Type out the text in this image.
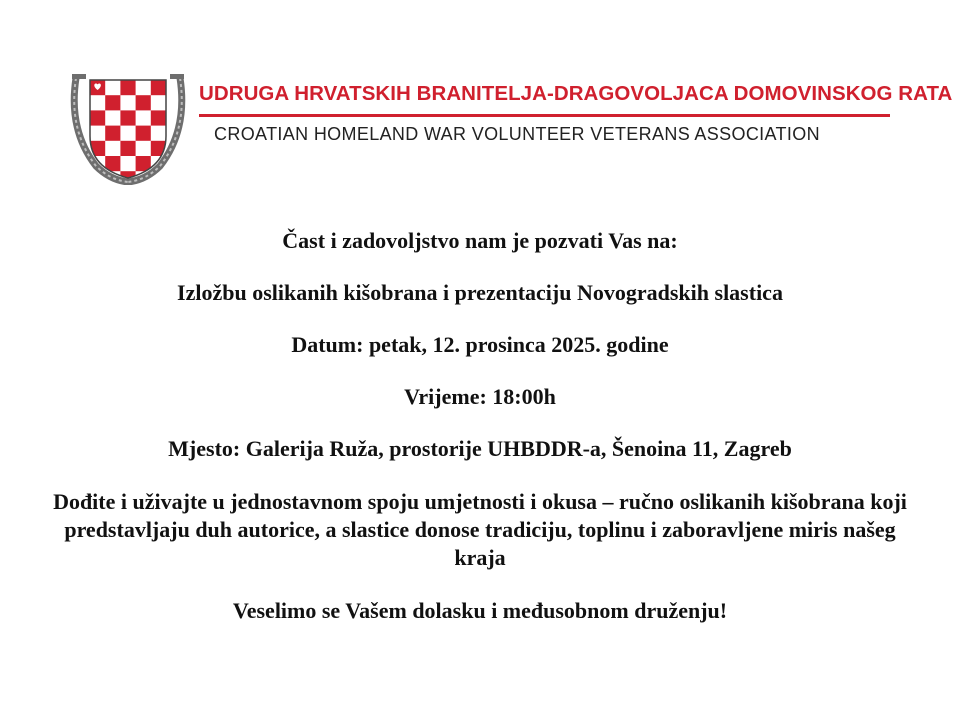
UDRUGA HRVATSKIH BRANITELJA-DRAGOVOLJACA DOMOVINSKOG RATA
CROATIAN HOMELAND WAR VOLUNTEER VETERANS ASSOCIATION

Čast i zadovoljstvo nam je pozvati Vas na:

Izložbu oslikanih kišobrana i prezentaciju Novogradskih slastica

Datum: petak, 12. prosinca 2025. godine

Vrijeme: 18:00h

Mjesto: Galerija Ruža, prostorije UHBDDR-a, Šenoina 11, Zagreb

Dođite i uživajte u jednostavnom spoju umjetnosti i okusa – ručno oslikanih kišobrana koji predstavljaju duh autorice, a slastice donose tradiciju, toplinu i zaboravljene miris našeg kraja

Veselimo se Vašem dolasku i međusobnom druženju!
